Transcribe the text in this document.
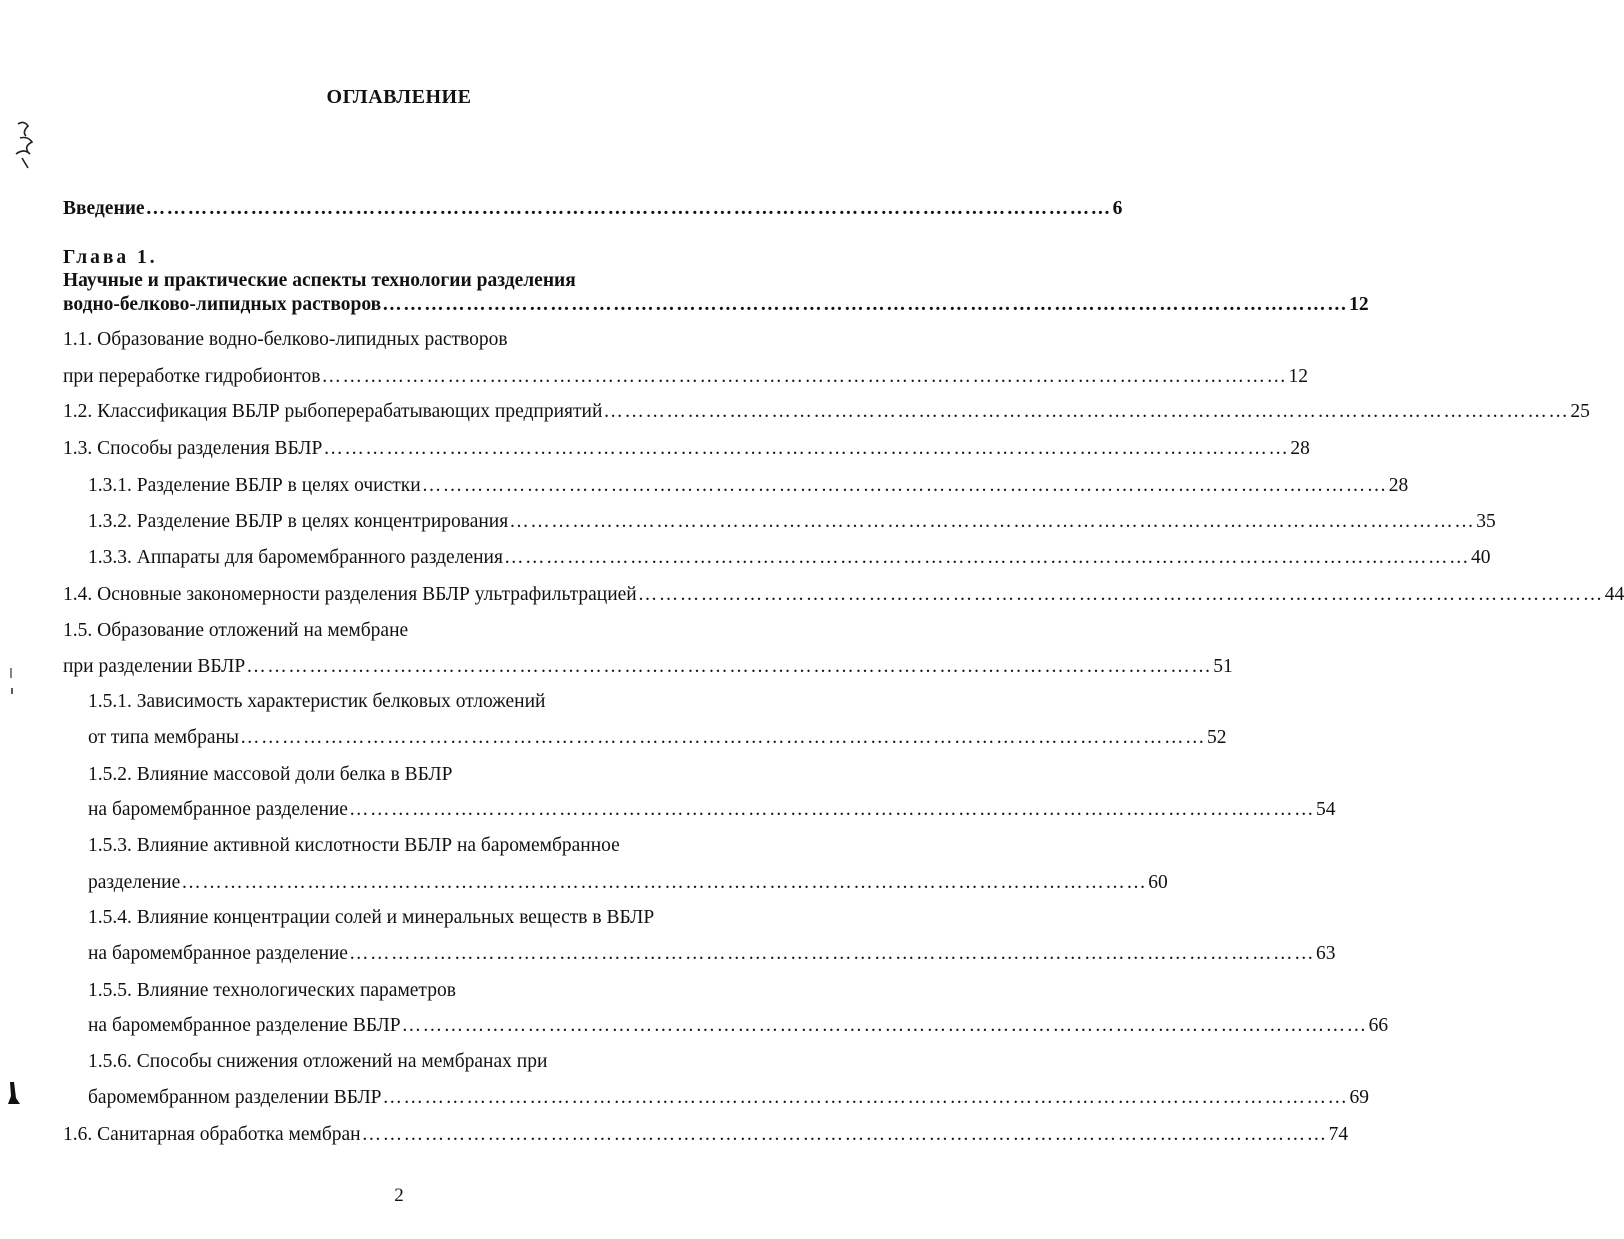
ОГЛАВЛЕНИЕ
Введение ………………………………………………………………………………………………………………………… 6
Глава 1.
Научные и практические аспекты технологии разделения
водно-белково-липидных растворов ………………………………………………………………………………………………………………………… 12
1.1. Образование водно-белково-липидных растворов
при переработке гидробионтов ………………………………………………………………………………………………………………………… 12
1.2. Классификация ВБЛР рыбоперерабатывающих предприятий ………………………………………………………………………………………………………………………… 25
1.3. Способы разделения ВБЛР ………………………………………………………………………………………………………………………… 28
1.3.1. Разделение ВБЛР в целях очистки ………………………………………………………………………………………………………………………… 28
1.3.2. Разделение ВБЛР в целях концентрирования ………………………………………………………………………………………………………………………… 35
1.3.3. Аппараты для баромембранного разделения ………………………………………………………………………………………………………………………… 40
1.4. Основные закономерности разделения ВБЛР ультрафильтрацией ………………………………………………………………………………………………………………………… 44
1.5. Образование отложений на мембране
при разделении ВБЛР ………………………………………………………………………………………………………………………… 51
1.5.1. Зависимость характеристик белковых отложений
от типа мембраны ………………………………………………………………………………………………………………………… 52
1.5.2. Влияние массовой доли белка в ВБЛР
на баромембранное разделение ………………………………………………………………………………………………………………………… 54
1.5.3. Влияние активной кислотности ВБЛР на баромембранное
разделение ………………………………………………………………………………………………………………………… 60
1.5.4. Влияние концентрации солей и минеральных веществ в ВБЛР
на баромембранное разделение ………………………………………………………………………………………………………………………… 63
1.5.5. Влияние технологических параметров
на баромембранное разделение ВБЛР ………………………………………………………………………………………………………………………… 66
1.5.6. Способы снижения отложений на мембранах при
баромембранном разделении ВБЛР ………………………………………………………………………………………………………………………… 69
1.6. Санитарная обработка мембран ………………………………………………………………………………………………………………………… 74
2
